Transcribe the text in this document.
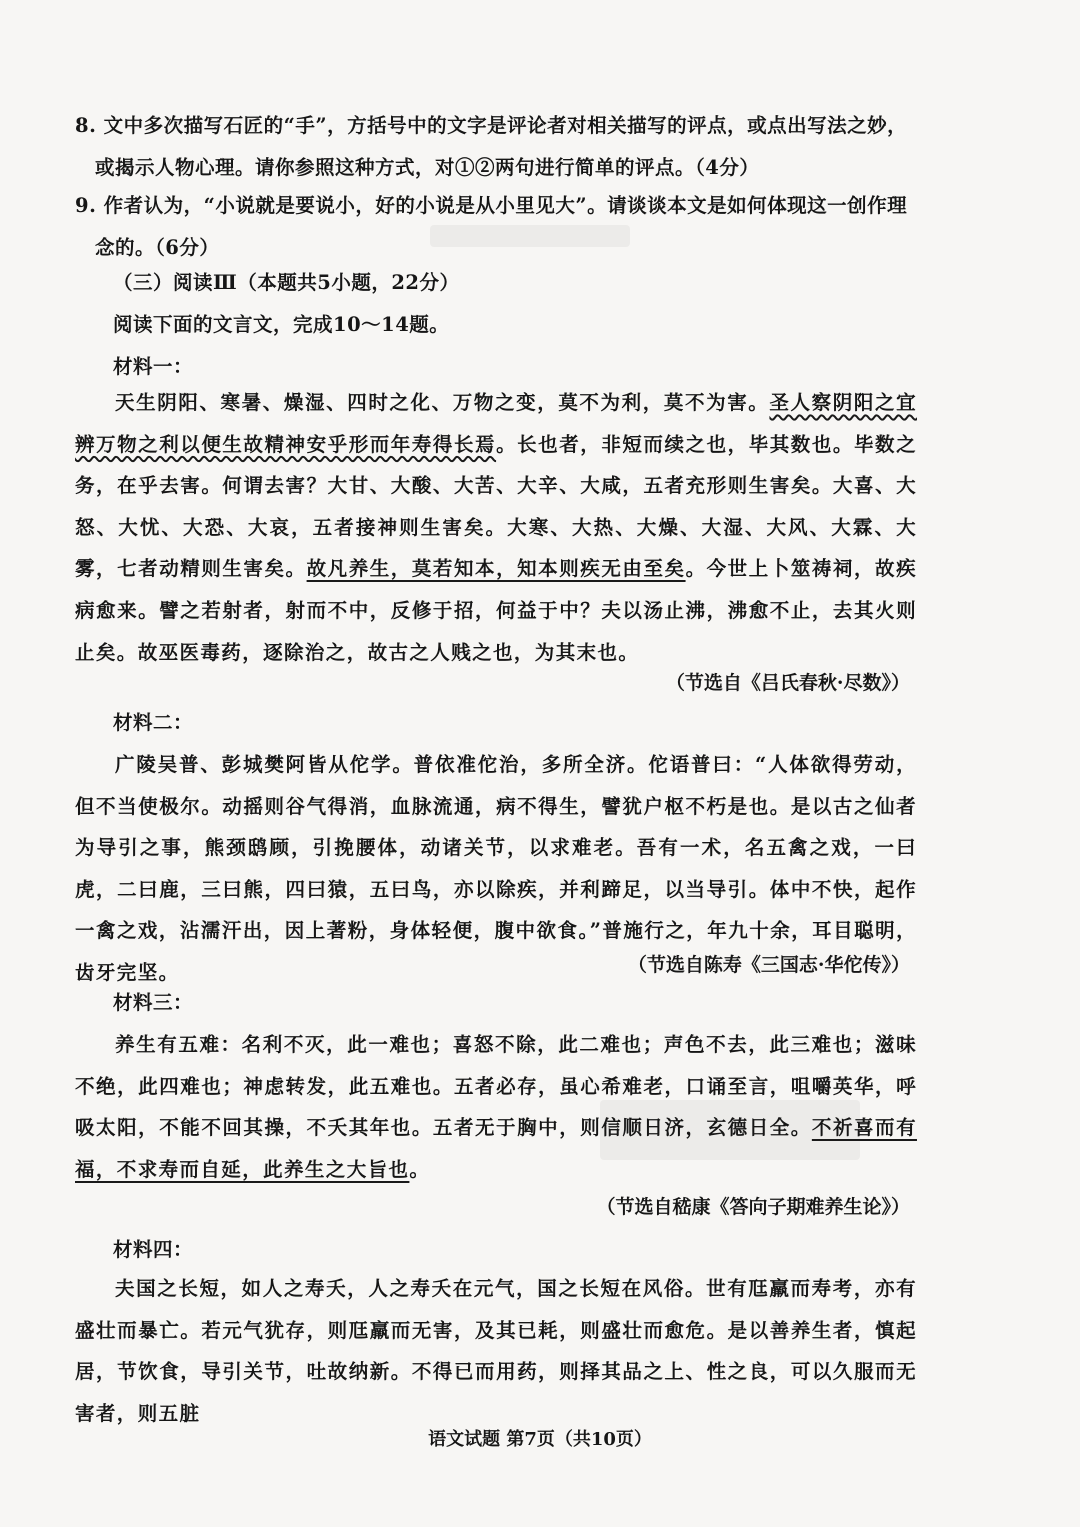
8. 文中多次描写石匠的“手”，方括号中的文字是评论者对相关描写的评点，或点出写法之妙，
或揭示人物心理。请你参照这种方式，对①②两句进行简单的评点。（4分）
9. 作者认为，“小说就是要说小，好的小说是从小里见大”。请谈谈本文是如何体现这一创作理
念的。（6分）
（三）阅读Ⅲ（本题共5小题，22分）
阅读下面的文言文，完成10～14题。
材料一：
天生阴阳、寒暑、燥湿、四时之化、万物之变，莫不为利，莫不为害。圣人察阴阳之宜辨万物之利以便生故精神安乎形而年寿得长焉。长也者，非短而续之也，毕其数也。毕数之务，在乎去害。何谓去害？大甘、大酸、大苦、大辛、大咸，五者充形则生害矣。大喜、大怒、大忧、大恐、大哀，五者接神则生害矣。大寒、大热、大燥、大湿、大风、大霖、大雾，七者动精则生害矣。故凡养生，莫若知本，知本则疾无由至矣。今世上卜筮祷祠，故疾病愈来。譬之若射者，射而不中，反修于招，何益于中？夫以汤止沸，沸愈不止，去其火则止矣。故巫医毒药，逐除治之，故古之人贱之也，为其末也。
（节选自《吕氏春秋·尽数》）
材料二：
广陵吴普、彭城樊阿皆从佗学。普依准佗治，多所全济。佗语普曰：“人体欲得劳动，但不当使极尔。动摇则谷气得消，血脉流通，病不得生，譬犹户枢不朽是也。是以古之仙者为导引之事，熊颈鸱顾，引挽腰体，动诸关节，以求难老。吾有一术，名五禽之戏，一曰虎，二曰鹿，三曰熊，四曰猿，五曰鸟，亦以除疾，并利蹄足，以当导引。体中不快，起作一禽之戏，沾濡汗出，因上著粉，身体轻便，腹中欲食。”普施行之，年九十余，耳目聪明，齿牙完坚。	（节选自陈寿《三国志·华佗传》）
材料三：
养生有五难：名利不灭，此一难也；喜怒不除，此二难也；声色不去，此三难也；滋味不绝，此四难也；神虑转发，此五难也。五者必存，虽心希难老，口诵至言，咀嚼英华，呼吸太阳，不能不回其操，不夭其年也。五者无于胸中，则信顺日济，玄德日全。不祈喜而有福，不求寿而自延，此养生之大旨也。
（节选自嵇康《答向子期难养生论》）
材料四：
夫国之长短，如人之寿夭，人之寿夭在元气，国之长短在风俗。世有尫羸而寿考，亦有盛壮而暴亡。若元气犹存，则尫羸而无害，及其已耗，则盛壮而愈危。是以善养生者，慎起居，节饮食，导引关节，吐故纳新。不得已而用药，则择其品之上、性之良，可以久服而无害者，则五脏
语文试题 第7页（共10页）
